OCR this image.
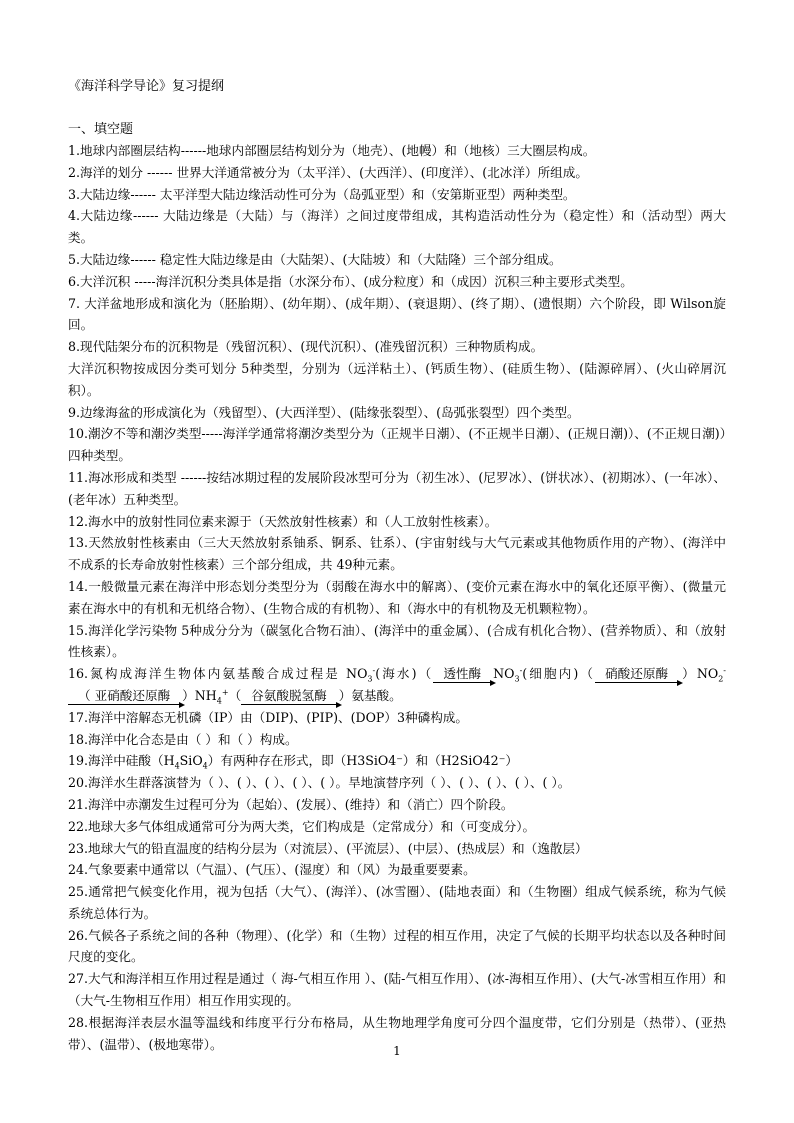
《海洋科学导论》复习提纲
一、填空题
1.地球内部圈层结构------地球内部圈层结构划分为（地壳）、(地幔）和（地核）三大圈层构成。
2.海洋的划分 ------ 世界大洋通常被分为（太平洋）、(大西洋）、(印度洋）、(北冰洋）所组成。
3.大陆边缘------ 太平洋型大陆边缘活动性可分为（岛弧亚型）和（安第斯亚型）两种类型。
4.大陆边缘------ 大陆边缘是（大陆）与（海洋）之间过度带组成，其构造活动性分为（稳定性）和（活动型）两大类。
5.大陆边缘------ 稳定性大陆边缘是由（大陆架）、(大陆坡）和（大陆隆）三个部分组成。
6.大洋沉积 -----海洋沉积分类具体是指（水深分布）、(成分粒度）和（成因）沉积三种主要形式类型。
7. 大洋盆地形成和演化为（胚胎期）、(幼年期）、(成年期）、(衰退期）、(终了期）、(遗恨期）六个阶段，即 Wilson旋回。
8.现代陆架分布的沉积物是（残留沉积）、(现代沉积）、(准残留沉积）三种物质构成。
大洋沉积物按成因分类可划分 5种类型，分别为（远洋粘土）、(钙质生物）、(硅质生物）、(陆源碎屑）、(火山碎屑沉积）。
9.边缘海盆的形成演化为（残留型）、(大西洋型）、(陆缘张裂型）、(岛弧张裂型）四个类型。
10.潮汐不等和潮汐类型-----海洋学通常将潮汐类型分为（正规半日潮）、(不正规半日潮）、(正规日潮)）、(不正规日潮)）四种类型。
11.海冰形成和类型 ------按结冰期过程的发展阶段冰型可分为（初生冰）、(尼罗冰）、(饼状冰）、(初期冰）、(一年冰）、(老年冰）五种类型。
12.海水中的放射性同位素来源于（天然放射性核素）和（人工放射性核素）。
13.天然放射性核素由（三大天然放射系铀系、锕系、钍系）、(宇宙射线与大气元素或其他物质作用的产物）、(海洋中不成系的长寿命放射性核素）三个部分组成，共 49种元素。
14.一般微量元素在海洋中形态划分类型分为（弱酸在海水中的解离）、(变价元素在海水中的氧化还原平衡）、(微量元素在海水中的有机和无机络合物）、(生物合成的有机物）、和（海水中的有机物及无机颗粒物）。
15.海洋化学污染物 5种成分分为（碳氢化合物石油）、(海洋中的重金属）、(合成有机化合物）、(营养物质）、和（放射性核素）。
16.氮构成海洋生物体内氨基酸合成过程是 $NO_3^-$(海水)（ 透性酶 $NO_3^-$(细胞内)（ 硝酸还原酶 ）$NO_2^-$（ 亚硝酸还原酶 ）$NH_4^+$（ 谷氨酸脱氢酶 ）氨基酸。
17.海洋中溶解态无机磷（IP）由（DIP)、(PIP)、(DOP）3种磷构成。
18.海洋中化合态是由（ ）和（ ）构成。
19.海洋中硅酸$(H_4SiO_4)$有两种存在形式，即（H3SiO4⁻）和（H2SiO42⁻）
20.海洋水生群落演替为（ ）、( ）、( ）、( ）、( ）。旱地演替序列（ ）、( ）、( ）、( ）、( ）。
21.海洋中赤潮发生过程可分为（起始）、(发展）、(维持）和（消亡）四个阶段。
22.地球大多气体组成通常可分为两大类，它们构成是（定常成分）和（可变成分）。
23.地球大气的铅直温度的结构分层为（对流层）、(平流层）、(中层）、(热成层）和（逸散层）
24.气象要素中通常以（气温）、(气压）、(湿度）和（风）为最重要要素。
25.通常把气候变化作用，视为包括（大气）、(海洋）、(冰雪圈）、(陆地表面）和（生物圈）组成气候系统，称为气候系统总体行为。
26.气候各子系统之间的各种（物理）、(化学）和（生物）过程的相互作用，决定了气候的长期平均状态以及各种时间尺度的变化。
27.大气和海洋相互作用过程是通过（ 海-气相互作用 ）、(陆-气相互作用）、(冰-海相互作用）、(大气-冰雪相互作用）和（大气-生物相互作用）相互作用实现的。
28.根据海洋表层水温等温线和纬度平行分布格局，从生物地理学角度可分四个温度带，它们分别是（热带）、(亚热带）、(温带）、(极地寒带）。	1
